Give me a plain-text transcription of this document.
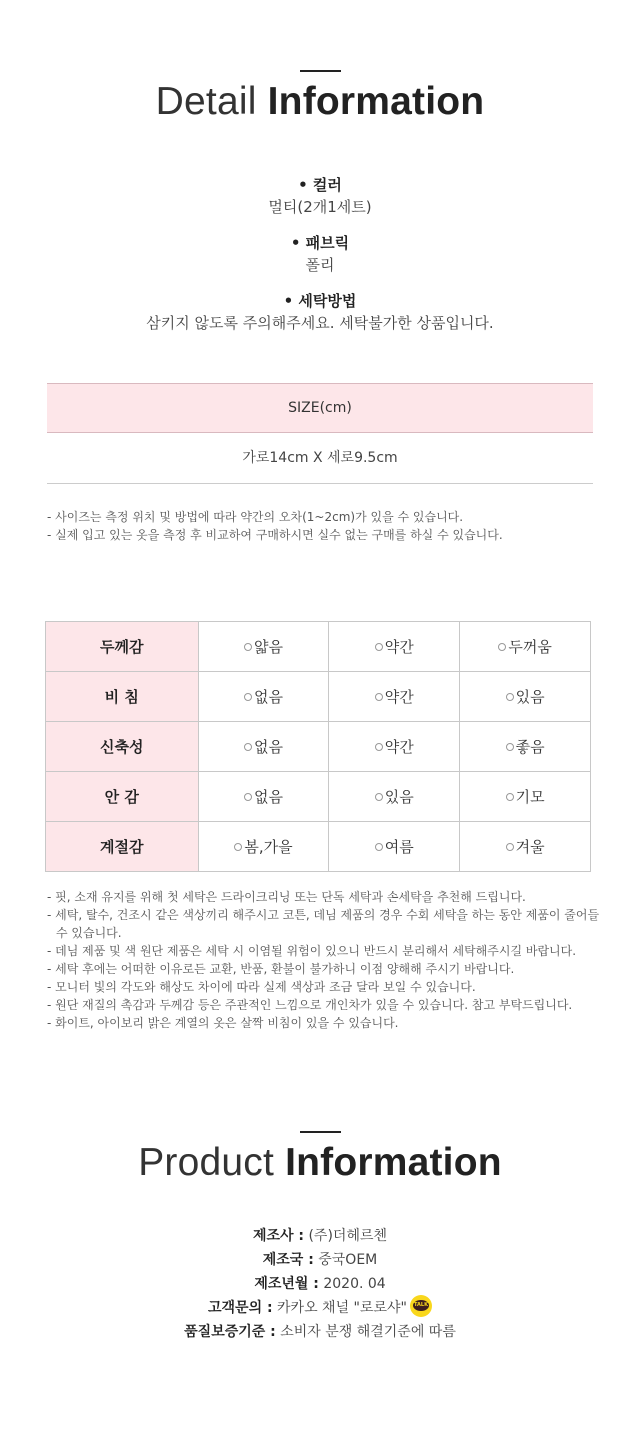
Detail Information
• 컬러
멀티(2개1세트)
• 패브릭
폴리
• 세탁방법
삼키지 않도록 주의해주세요. 세탁불가한 상품입니다.
SIZE(cm)
가로14cm X 세로9.5cm
- 사이즈는 측정 위치 및 방법에 따라 약간의 오차(1~2cm)가 있을 수 있습니다.
- 실제 입고 있는 옷을 측정 후 비교하여 구매하시면 실수 없는 구매를 하실 수 있습니다.
두께감	얇음	약간	두꺼움
비 침	없음	약간	있음
신축성	없음	약간	좋음
안 감	없음	있음	기모
계절감	봄,가을	여름	겨울
- 핏, 소재 유지를 위해 첫 세탁은 드라이크리닝 또는 단독 세탁과 손세탁을 추천해 드립니다.
- 세탁, 탈수, 건조시 같은 색상끼리 해주시고 코튼, 데님 제품의 경우 수회 세탁을 하는 동안 제품이 줄어들 수 있습니다.
- 데님 제품 및 색 원단 제품은 세탁 시 이염될 위험이 있으니 반드시 분리해서 세탁해주시길 바랍니다.
- 세탁 후에는 어떠한 이유로든 교환, 반품, 환불이 불가하니 이점 양해해 주시기 바랍니다.
- 모니터 빛의 각도와 해상도 차이에 따라 실제 색상과 조금 달라 보일 수 있습니다.
- 원단 재질의 촉감과 두께감 등은 주관적인 느낌으로 개인차가 있을 수 있습니다. 참고 부탁드립니다.
- 화이트, 아이보리 밝은 계열의 옷은 살짝 비침이 있을 수 있습니다.
Product Information
제조사 : (주)더헤르첸
제조국 : 중국OEM
제조년월 : 2020. 04
고객문의 : 카카오 채널 "로로샤" TALK
품질보증기준 : 소비자 분쟁 해결기준에 따름
